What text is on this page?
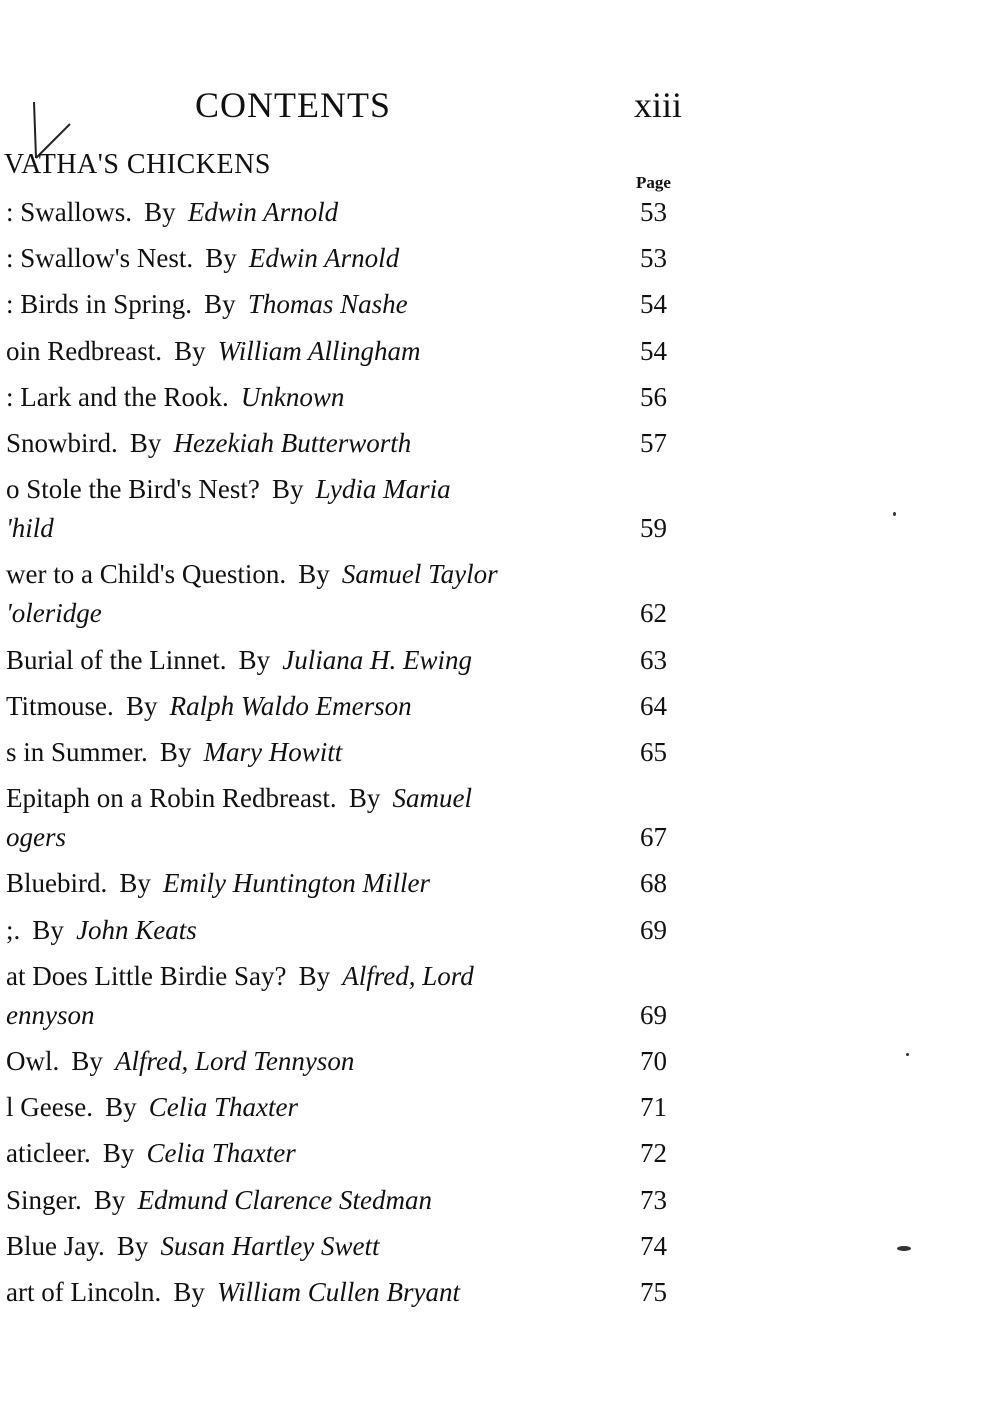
CONTENTS	xiii
VATHA'S CHICKENS
Page
: Swallows. By Edwin Arnold	53
: Swallow's Nest. By Edwin Arnold	53
: Birds in Spring. By Thomas Nashe	54
oin Redbreast. By William Allingham	54
: Lark and the Rook. Unknown	56
Snowbird. By Hezekiah Butterworth	57
o Stole the Bird's Nest? By Lydia Maria
'hild	59
wer to a Child's Question. By Samuel Taylor
'oleridge	62
Burial of the Linnet. By Juliana H. Ewing	63
Titmouse. By Ralph Waldo Emerson	64
s in Summer. By Mary Howitt	65
Epitaph on a Robin Redbreast. By Samuel
ogers	67
Bluebird. By Emily Huntington Miller	68
;. By John Keats	69
at Does Little Birdie Say? By Alfred, Lord
ennyson	69
Owl. By Alfred, Lord Tennyson	70
l Geese. By Celia Thaxter	71
aticleer. By Celia Thaxter	72
Singer. By Edmund Clarence Stedman	73
Blue Jay. By Susan Hartley Swett	74
art of Lincoln. By William Cullen Bryant	75
